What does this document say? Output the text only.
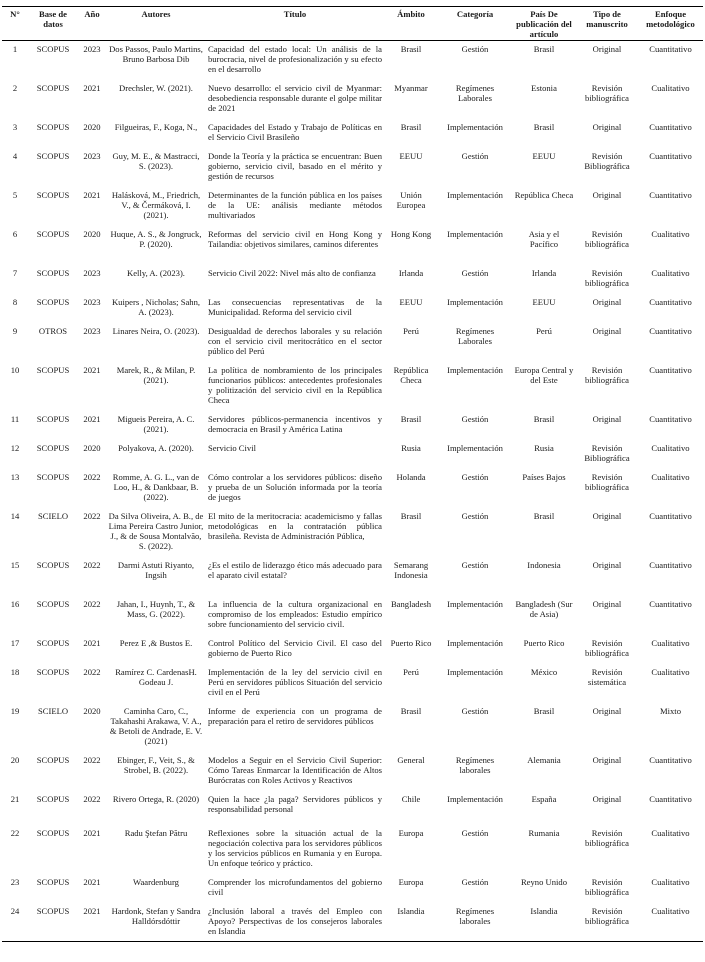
N°	Base de datos	Año	Autores	Título	Ámbito	Categoría	País De publicación del artículo	Tipo de manuscrito	Enfoque metodológico
1	SCOPUS	2023	Dos Passos, Paulo Martins, Bruno Barbosa Dib	Capacidad del estado local: Un análisis de la burocracia, nivel de profesionalización y su efecto en el desarrollo	Brasil	Gestión	Brasil	Original	Cuantitativo
2	SCOPUS	2021	Drechsler, W. (2021).	Nuevo desarrollo: el servicio civil de Myanmar: desobediencia responsable durante el golpe militar de 2021	Myanmar	Regímenes Laborales	Estonia	Revisión bibliográfica	Cualitativo
3	SCOPUS	2020	Filgueiras, F., Koga, N.,	Capacidades del Estado y Trabajo de Políticas en el Servicio Civil Brasileño	Brasil	Implementación	Brasil	Original	Cuantitativo
4	SCOPUS	2023	Guy, M. E., & Mastracci, S. (2023).	Donde la Teoría y la práctica se encuentran: Buen gobierno, servicio civil, basado en el mérito y gestión de recursos	EEUU	Gestión	EEUU	Revisión Bibliográfica	Cuantitativo
5	SCOPUS	2021	Halásková, M., Friedrich, V., & Čermáková, I. (2021).	Determinantes de la función pública en los países de la UE: análisis mediante métodos multivariados	Unión Europea	Implementación	República Checa	Original	Cuantitativo
6	SCOPUS	2020	Huque, A. S., & Jongruck, P. (2020).	Reformas del servicio civil en Hong Kong y Tailandia: objetivos similares, caminos diferentes	Hong Kong	Implementación	Asia y el Pacífico	Revisión bibliográfica	Cualitativo
7	SCOPUS	2023	Kelly, A. (2023).	Servicio Civil 2022: Nivel más alto de confianza	Irlanda	Gestión	Irlanda	Revisión bibliográfica	Cualitativo
8	SCOPUS	2023	Kuipers , Nicholas; Sahn, A. (2023).	Las consecuencias representativas de la Municipalidad. Reforma del servicio civil	EEUU	Implementación	EEUU	Original	Cuantitativo
9	OTROS	2023	Linares Neira, O. (2023).	Desigualdad de derechos laborales y su relación con el servicio civil meritocrático en el sector público del Perú	Perú	Regímenes Laborales	Perú	Original	Cuantitativo
10	SCOPUS	2021	Marek, R., & Milan, P. (2021).	La política de nombramiento de los principales funcionarios públicos: antecedentes profesionales y politización del servicio civil en la República Checa	República Checa	Implementación	Europa Central y del Este	Revisión bibliográfica	Cuantitativo
11	SCOPUS	2021	Migueis Pereira, A. C. (2021).	Servidores públicos-permanencia incentivos y democracia en Brasil y América Latina	Brasil	Gestión	Brasil	Original	Cuantitativo
12	SCOPUS	2020	Polyakova, A. (2020).	Servicio Civil	Rusia	Implementación	Rusia	Revisión Bibliográfica	Cualitativo
13	SCOPUS	2022	Romme, A. G. L., van de Loo, H., & Dankbaar, B. (2022).	Cómo controlar a los servidores públicos: diseño y prueba de un Solución informada por la teoría de juegos	Holanda	Gestión	Países Bajos	Revisión bibliográfica	Cualitativo
14	SCIELO	2022	Da Silva Oliveira, A. B., de Lima Pereira Castro Junior, J., & de Sousa Montalvão, S. (2022).	El mito de la meritocracia: academicismo y fallas metodológicas en la contratación pública brasileña. Revista de Administración Pública,	Brasil	Gestión	Brasil	Original	Cuantitativo
15	SCOPUS	2022	Darmi Astuti Riyanto, Ingsih	¿Es el estilo de liderazgo ético más adecuado para el aparato civil estatal?	Semarang Indonesia	Gestión	Indonesia	Original	Cuantitativo
16	SCOPUS	2022	Jahan, I., Huynh, T., & Mass, G. (2022).	La influencia de la cultura organizacional en compromiso de los empleados: Estudio empírico sobre funcionamiento del servicio civil.	Bangladesh	Implementación	Bangladesh (Sur de Asia)	Original	Cuantitativo
17	SCOPUS	2021	Perez E ,& Bustos E.	Control Político del Servicio Civil. El caso del gobierno de Puerto Rico	Puerto Rico	Implementación	Puerto Rico	Revisión bibliográfica	Cualitativo
18	SCOPUS	2022	Ramírez C. CardenasH. Godeau J.	Implementación de la ley del servicio civil en Perú en servidores públicos Situación del servicio civil en el Perú	Perú	Implementación	México	Revisión sistemática	Cualitativo
19	SCIELO	2020	Caminha Caro, C., Takahashi Arakawa, V. A., & Betoli de Andrade, E. V. (2021)	Informe de experiencia con un programa de preparación para el retiro de servidores públicos	Brasil	Gestión	Brasil	Original	Mixto
20	SCOPUS	2022	Ebinger, F., Veit, S., & Strobel, B. (2022).	Modelos a Seguir en el Servicio Civil Superior: Cómo Tareas Enmarcar la Identificación de Altos Burócratas con Roles Activos y Reactivos	General	Regímenes laborales	Alemania	Original	Cuantitativo
21	SCOPUS	2022	Rivero Ortega, R. (2020)	Quien la hace ¿la paga? Servidores públicos y responsabilidad personal	Chile	Implementación	España	Original	Cuantitativo
22	SCOPUS	2021	Radu Ştefan Pătru	Reflexiones sobre la situación actual de la negociación colectiva para los servidores públicos y los servicios públicos en Rumania y en Europa. Un enfoque teórico y práctico.	Europa	Gestión	Rumania	Revisión bibliográfica	Cualitativo
23	SCOPUS	2021	Waardenburg	Comprender los microfundamentos del gobierno civil	Europa	Gestión	Reyno Unido	Revisión bibliográfica	Cualitativo
24	SCOPUS	2021	Hardonk, Stefan y Sandra Halldórsdóttir	¿Inclusión laboral a través del Empleo con Apoyo? Perspectivas de los consejeros laborales en Islandia	Islandia	Regímenes laborales	Islandia	Revisión bibliográfica	Cualitativo
